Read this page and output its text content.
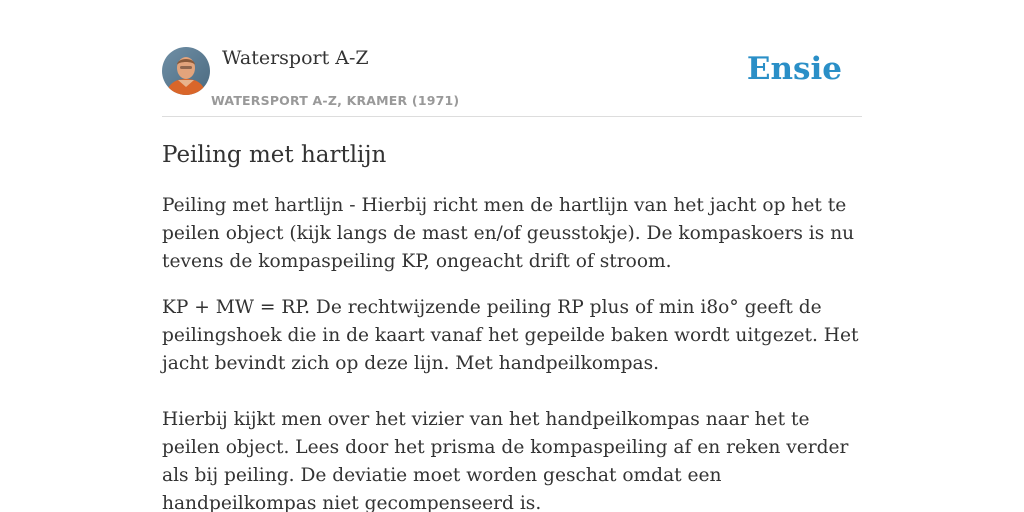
Watersport A-Z
WATERSPORT A-Z, KRAMER (1971)
Ensie
Peiling met hartlijn

Peiling met hartlijn - Hierbij richt men de hartlijn van het jacht op het te peilen object (kijk langs de mast en/of geusstokje). De kompaskoers is nu tevens de kompaspeiling KP, ongeacht drift of stroom.

KP + MW = RP. De rechtwijzende peiling RP plus of min i8o° geeft de peilingshoek die in de kaart vanaf het gepeilde baken wordt uitgezet. Het jacht bevindt zich op deze lijn. Met handpeilkompas.

Hierbij kijkt men over het vizier van het handpeilkompas naar het te peilen object. Lees door het prisma de kompaspeiling af en reken verder als bij peiling. De deviatie moet worden geschat omdat een handpeilkompas niet gecompenseerd is.
